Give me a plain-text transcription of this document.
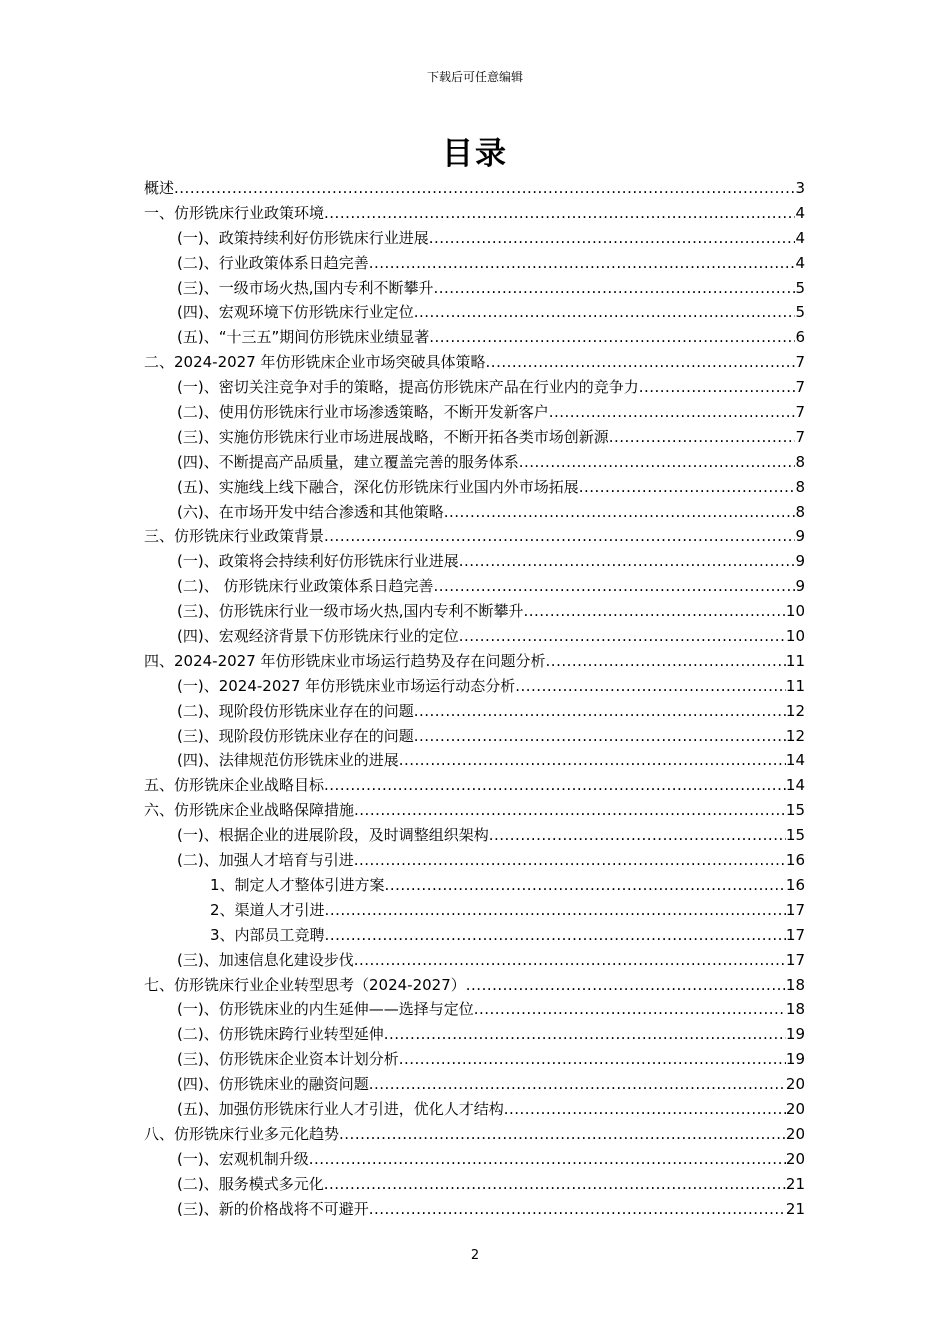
下载后可任意编辑
目录
概述 .....	3
一、仿形铣床行业政策环境 .....	4
(一)、政策持续利好仿形铣床行业进展 .....	4
(二)、行业政策体系日趋完善 .....	4
(三)、一级市场火热,国内专利不断攀升 .....	5
(四)、宏观环境下仿形铣床行业定位 .....	5
(五)、“十三五”期间仿形铣床业绩显著 .....	6
二、2024-2027 年仿形铣床企业市场突破具体策略 .....	7
(一)、密切关注竞争对手的策略，提高仿形铣床产品在行业内的竞争力 .....	7
(二)、使用仿形铣床行业市场渗透策略，不断开发新客户 .....	7
(三)、实施仿形铣床行业市场进展战略，不断开拓各类市场创新源 .....	7
(四)、不断提高产品质量，建立覆盖完善的服务体系 .....	8
(五)、实施线上线下融合，深化仿形铣床行业国内外市场拓展 .....	8
(六)、在市场开发中结合渗透和其他策略 .....	8
三、仿形铣床行业政策背景 .....	9
(一)、政策将会持续利好仿形铣床行业进展 .....	9
(二)、 仿形铣床行业政策体系日趋完善 .....	9
(三)、仿形铣床行业一级市场火热,国内专利不断攀升 .....	10
(四)、宏观经济背景下仿形铣床行业的定位 .....	10
四、2024-2027 年仿形铣床业市场运行趋势及存在问题分析 .....	11
(一)、2024-2027 年仿形铣床业市场运行动态分析 .....	11
(二)、现阶段仿形铣床业存在的问题 .....	12
(三)、现阶段仿形铣床业存在的问题 .....	12
(四)、法律规范仿形铣床业的进展 .....	14
五、仿形铣床企业战略目标 .....	14
六、仿形铣床企业战略保障措施 .....	15
(一)、根据企业的进展阶段，及时调整组织架构 .....	15
(二)、加强人才培育与引进 .....	16
1、制定人才整体引进方案 .....	16
2、渠道人才引进 .....	17
3、内部员工竞聘 .....	17
(三)、加速信息化建设步伐 .....	17
七、仿形铣床行业企业转型思考（2024-2027） .....	18
(一)、仿形铣床业的内生延伸——选择与定位 .....	18
(二)、仿形铣床跨行业转型延伸 .....	19
(三)、仿形铣床企业资本计划分析 .....	19
(四)、仿形铣床业的融资问题 .....	20
(五)、加强仿形铣床行业人才引进，优化人才结构 .....	20
八、仿形铣床行业多元化趋势 .....	20
(一)、宏观机制升级 .....	20
(二)、服务模式多元化 .....	21
(三)、新的价格战将不可避开 .....	21
2
